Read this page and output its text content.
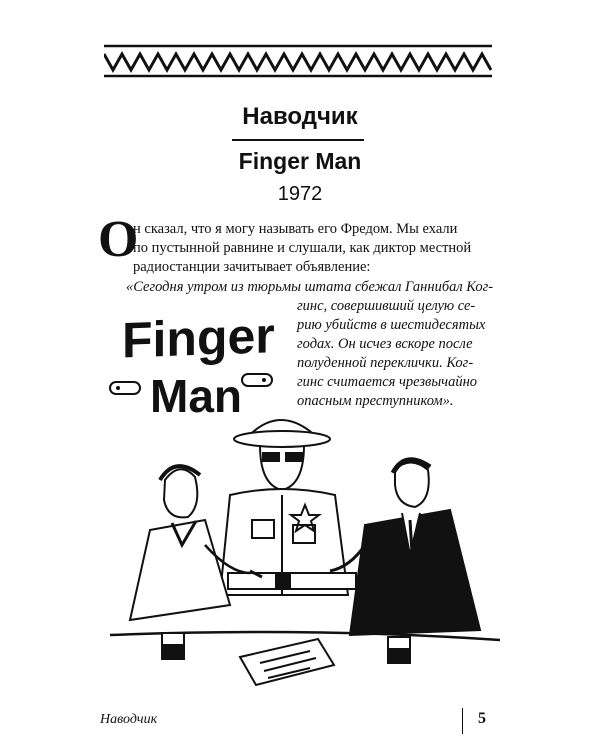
Наводчик
Finger Man
1972
О
н сказал, что я могу называть его Фредом. Мы ехали
по пустынной равнине и слушали, как диктор местной
радиостанции зачитывает объявление:
«Сегодня утром из тюрьмы штата сбежал Ганнибал Ког-
гинс, совершивший целую се-
рию убийств в шестидесятых
годах. Он исчез вскоре после
полуденной переклички. Ког-
гинс считается чрезвычайно
опасным преступником».
Finger
Man
Наводчик	5
